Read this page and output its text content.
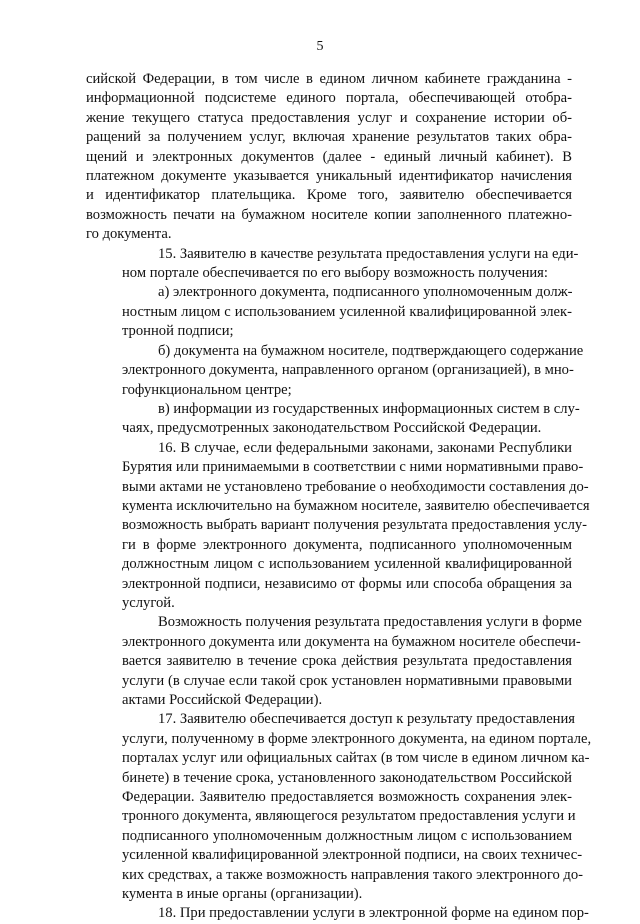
5

сийской Федерации, в том числе в едином личном кабинете гражданина -
информационной подсистеме единого портала, обеспечивающей отобра-
жение текущего статуса предоставления услуг и сохранение истории об-
ращений за получением услуг, включая хранение результатов таких обра-
щений и электронных документов (далее - единый личный кабинет). В
платежном документе указывается уникальный идентификатор начисления
и идентификатор плательщика. Кроме того, заявителю обеспечивается
возможность печати на бумажном носителе копии заполненного платежно-
го документа.

15. Заявителю в качестве результата предоставления услуги на еди-
ном портале обеспечивается по его выбору возможность получения:

а) электронного документа, подписанного уполномоченным долж-
ностным лицом с использованием усиленной квалифицированной элек-
тронной подписи;

б) документа на бумажном носителе, подтверждающего содержание
электронного документа, направленного органом (организацией), в мно-
гофункциональном центре;

в) информации из государственных информационных систем в слу-
чаях, предусмотренных законодательством Российской Федерации.

16. В случае, если федеральными законами, законами Республики
Бурятия или принимаемыми в соответствии с ними нормативными право-
выми актами не установлено требование о необходимости составления до-
кумента исключительно на бумажном носителе, заявителю обеспечивается
возможность выбрать вариант получения результата предоставления услу-
ги в форме электронного документа, подписанного уполномоченным
должностным лицом с использованием усиленной квалифицированной
электронной подписи, независимо от формы или способа обращения за
услугой.

Возможность получения результата предоставления услуги в форме
электронного документа или документа на бумажном носителе обеспечи-
вается заявителю в течение срока действия результата предоставления
услуги (в случае если такой срок установлен нормативными правовыми
актами Российской Федерации).

17. Заявителю обеспечивается доступ к результату предоставления
услуги, полученному в форме электронного документа, на едином портале,
порталах услуг или официальных сайтах (в том числе в едином личном ка-
бинете) в течение срока, установленного законодательством Российской
Федерации. Заявителю предоставляется возможность сохранения элек-
тронного документа, являющегося результатом предоставления услуги и
подписанного уполномоченным должностным лицом с использованием
усиленной квалифицированной электронной подписи, на своих техничес-
ких средствах, а также возможность направления такого электронного до-
кумента в иные органы (организации).

18. При предоставлении услуги в электронной форме на едином пор-
